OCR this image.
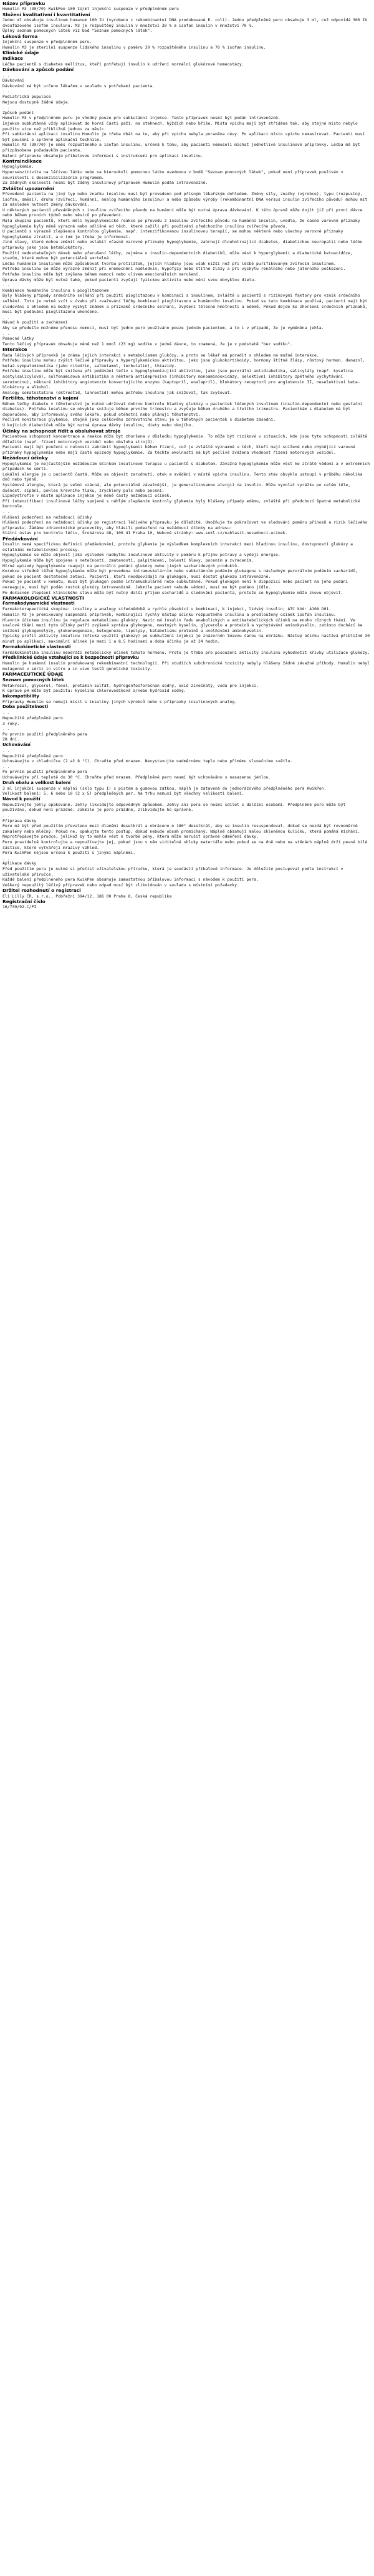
Název přípravku
Humulin M3 (30/70) KwikPen 100 IU/ml injekční suspenze v předplněném peru
Složení kvalitativní i kvantitativní
Jeden ml obsahuje insulinum humanum 100 IU (vyrobeno z rekombinantní DNA produkované E. coli). Jedno předplněné pero obsahuje 3 ml, což odpovídá 300 IU dvoufázového isofan insulinu. M3 je rozpuštěný insulin v množství 30 % a isofan insulin v množství 70 %.
Úplný seznam pomocných látek viz bod "Seznam pomocných látek".
Léková forma
Injekční suspenze v předplněném peru.
Humulin M3 je sterilní suspenze lidského insulinu v poměru 30 % rozpuštěného insulinu a 70 % isofan insulinu.
Klinické údaje
Indikace
Léčba pacientů s diabetes mellitus, kteří potřebují insulin k udržení normální glukózové homeostázy.
Dávkování a způsob podání
. .
Dávkování
Dávkování má být určeno lékařem v souladu s potřebami pacienta.
. .
Pediatrická populace
Nejsou dostupné žádné údaje.
. .
Způsob podání
Humulin M3 v předplněném peru je vhodný pouze pro subkutánní injekce. Tento přípravek nesmí být podán intravenózně.
Injekce subkutánně vždy aplikovat do horní části paží, na stehnech, hýždích nebo břiše. Místa vpichu mají být střídána tak, aby stejné místo nebylo použito více než přibližně jednou za měsíc.
Při subkutánní aplikaci insulinu Humulin je třeba dbát na to, aby při vpichu nebyla poraněna cévy. Po aplikaci místo vpichu nemasírovat. Pacienti musí být poučeni o správné aplikační technice.
Humulin M3 (30/70) je směs rozpuštěného a isofan insulinu, určená k tomu, aby pacienti nemuseli míchat jednotlivé insulinové přípravky. Léčba má být přizpůsobena požadavkům pacienta.
Balení přípravku obsahuje příbalovou informaci s instrukcemi pro aplikaci insulinu.
Kontraindikace
Hypoglykemie.
Hypersenzitivita na léčivou látku nebo na kteroukoli pomocnou látku uvedenou v bodě "Seznam pomocných látek", pokud není přípravek používán v souvislosti s desenzibilizačním programem.
Za žádných okolností nesmí být žádný insulinový přípravek Humulin podán intravenózně.
Zvláštní upozornění
Převedení pacienta na jiný typ nebo značku insulinu musí být provedeno pod přísným lékařským dohledem. Změny síly, značky (výrobce), typu (rozpustný, isofan, směsi), druhu (zvířecí, humánní, analog humánního insulinu) a nebo způsobu výroby (rekombinantní DNA versus insulin zvířecího původu) mohou mít za následek nutnost změny dávkování.
U některých pacientů převáděných z insulinu zvířecího původu na humánní může být nutná úprava dávkování. K této úpravě může dojít již při první dávce nebo během prvních týdnů nebo měsíců po převedení.
Malá skupina pacientů, kteří měli hypoglykemické reakce po převodu z insulinu zvířecího původu na humánní insulin, uvedla, že časné varovné příznaky hypoglykemie byly méně výrazné nebo odlišné od těch, které zažili při používání předchozího insulinu zvířecího původu.
U pacientů s výrazně zlepšenou kontrolou glykemie, např. intenzifikovanou insulinovou terapií, se mohou některé nebo všechny varovné příznaky hypoglykemie ztratit, a o tom je třeba je informovat.
Jiné stavy, které mohou změnit nebo oslabit včasné varovné příznaky hypoglykemie, zahrnují dlouhotrvající diabetes, diabetickou neuropatii nebo léčbu přípravky jako jsou betablokátory.
Použití nedostatečných dávek nebo přerušení léčby, zejména u insulin-dependentních diabetiků, může vést k hyperglykemii a diabetické ketoacidóze, stavům, které mohou být potenciálně smrtelné.
Léčba humánním insulinem může způsobovat tvorbu protilátek, jejich hladiny jsou však nižší než při léčbě purifikovaným zvířecím insulinem.
Potřeba insulinu se může výrazně změnit při onemocnění nadledvin, hypofýzy nebo štítné žlázy a při výskytu renálního nebo jaterního poškození.
Potřeba insulinu může být zvýšena během nemoci nebo vlivem emocionálních narušení.
Úprava dávky může být nutná také, pokud pacienti zvyšují fyzickou aktivitu nebo mění svou obvyklou dietu.
. .
Kombinace humánního insulinu s pioglitazonem
Byly hlášeny případy srdečního selhání při použití pioglitazonu v kombinaci s insulinem, zvláště u pacientů s rizikovými faktory pro vznik srdečního selhání. Toto je nutné vzít v úvahu při zvažování léčby kombinací pioglitazonu a humánního insulinu. Pokud se tato kombinace používá, pacienti mají být sledováni s ohledem na možný výskyt známek a příznaků srdečního selhání, zvýšení tělesné hmotnosti a edémů. Pokud dojde ke zhoršení srdečních příznaků, musí být podávání pioglitazonu ukončeno.
. .
Návod k použití a zacházení
Aby se předešlo možnému přenosu nemocí, musí být jedno pero používáno pouze jedním pacientem, a to i v případě, že je vyměněna jehla.
. .
Pomocné látky
Tento léčivý přípravek obsahuje méně než 1 mmol (23 mg) sodíku v jedné dávce, to znamená, že je v podstatě "bez sodíku".
Interakce
Řada léčivých přípravků je známa jejich interakcí s metabolismem glukózy, a proto se lékař má poradit s ohledem na možné interakce.
Potřebu insulinu mohou zvýšit léčivé přípravky s hyperglykemickou aktivitou, jako jsou glukokortikoidy, hormony štítné žlázy, růstový hormon, danazol, beta2-sympatomimetika (jako ritodrin, salbutamol, terbutalin), thiazidy.
Potřeba insulinu může být snížena při podávání léčiv s hypoglykemizující aktivitou, jako jsou perorální antidiabetika, salicyláty (např. kyselina acetylsalicylová), sulfonamidová antibiotika a některá antidepresiva (inhibitory monoaminooxidázy, selektivní inhibitory zpětného vychytávání serotoninu), některé inhibitory angiotenzin konvertujícího enzymu (kaptopril, enalapril), blokátory receptorů pro angiotenzin II, neselektivní beta-blokátory a alkohol.
Analogy somatostatinu (oktreotid, lanreotid) mohou potřebu insulinu jak snižovat, tak zvyšovat.
Fertilita, těhotenství a kojení
Během léčby diabetu v těhotenství je nutné udržovat dobrou kontrolu hladiny glukózy u pacientek léčených insulinem (insulin-dependentní nebo gestační diabetes). Potřeba insulinu se obvykle snižuje během prvního trimestru a zvyšuje během druhého a třetího trimestru. Pacientkám s diabetem má být doporučeno, aby informovaly svého lékaře, pokud otěhotní nebo plánují těhotenství.
Pečlivá monitorace glykemie, stejně jako celkového zdravotního stavu je u těhotných pacientek s diabetem zásadní.
U kojících diabetiček může být nutná úprava dávky insulinu, diety nebo obojího.
Účinky na schopnost řídit a obsluhovat stroje
Pacientova schopnost koncentrace a reakce může být zhoršena v důsledku hypoglykemie. To může být rizikové v situacích, kde jsou tyto schopnosti zvláště důležité (např. řízení motorových vozidel nebo obsluha strojů).
Pacienti mají být poučeni o nutnosti zabránit hypoglykemii během řízení, což je zvláště významné u těch, kteří mají snížené nebo chybějící varovné příznaky hypoglykemie nebo mají časté epizody hypoglykemie. Za těchto okolností má být pečlivě zvážena vhodnost řízení motorových vozidel.
Nežádoucí účinky
Hypoglykemie je nejčastějším nežádoucím účinkem insulinové terapie u pacientů s diabetem. Závažná hypoglykemie může vést ke ztrátě vědomí a v extrémních případech ke smrti.
Lokální alergie je u pacientů častá. Může se objevit zarudnutí, otok a svědění v místě vpichu insulinu. Tento stav obvykle ustoupí v průběhu několika dnů nebo týdnů.
Systémová alergie, která je velmi vzácná, ale potenciálně závažnější, je generalizovanou alergií na insulin. Může vyvolat vyrážku po celém těle, dušnost, sípání, pokles krevního tlaku, zrychlený puls nebo pocení.
Lipodystrofie v místě aplikace injekce je méně častý nežádoucí účinek.
Při intenzifikaci insulinové léčby spojené s náhlým zlepšením kontroly glykemie byly hlášeny případy edému, zvláště při předchozí špatné metabolické kontrole.
. .
Hlášení podezření na nežádoucí účinky
Hlášení podezření na nežádoucí účinky po registraci léčivého přípravku je důležité. Umožňuje to pokračovat ve sledování poměru přínosů a rizik léčivého přípravku. Žádáme zdravotnické pracovníky, aby hlásili podezření na nežádoucí účinky na adresu:
Státní ústav pro kontrolu léčiv, Šrobárova 48, 100 41 Praha 10, Webové stránky: www.sukl.cz/nahlasit-nezadouci-ucinek.
Předávkování
Insulin nemá specifickou definici předávkování, protože glykemie je výsledkem komplexních interakcí mezi hladinou insulinu, dostupností glukózy a ostatními metabolickými procesy.
Hypoglykemie se může objevit jako výsledek nadbytku insulinové aktivity v poměru k příjmu potravy a výdeji energie.
Hypoglykemie může být spojena s netečností, zmateností, palpitacemi, bolestí hlavy, pocením a zvracením.
Mírné epizody hypoglykemie reagují na perorální podání glukózy nebo jiných sacharidových produktů.
Korekce středně těžké hypoglykemie může být provedena intramuskulárním nebo subkutánním podáním glukagonu s následným perorálním podáním sacharidů, pokud se pacient dostatečně zotaví. Pacienti, kteří neodpovídají na glukagon, musí dostat glukózu intravenózně.
Pokud je pacient v komatu, musí být glukagon podán intramuskulárně nebo subkutánně. Pokud glukagon není k dispozici nebo pacient na jeho podání nereaguje, musí být podán roztok glukózy intravenózně. Jakmile pacient nabude vědomí, musí mu být podáno jídlo.
Po dočasném zlepšení klinického stavu může být nutný další příjem sacharidů a sledování pacienta, protože se hypoglykemie může znovu objevit.
FARMAKOLOGICKÉ VLASTNOSTI
Farmakodynamické vlastnosti
Farmakoterapeutická skupina: insuliny a analogy střednědobě a rychle působící v kombinaci, k injekci, lidský insulin; ATC kód: A10A D01.
Humulin M3 je premixovaný suspenzní přípravek, kombinující rychlý nástup účinku rozpustného insulinu a prodloužený účinek isofan insulinu.
Hlavním účinkem insulinu je regulace metabolismu glukózy. Navíc má insulin řadu anabolických a antikatabolických účinků na mnoho různých tkání. Ve svalové tkáni mezi tyto účinky patří zvýšená syntéza glykogenu, mastných kyselin, glycerolu a proteinů a vychytávání aminokyselin, zatímco dochází ke snížení glykogenolýzy, glukoneogeneze, ketogeneze, lipolýzy, katabolismu proteinů a uvolňování aminokyselin.
Typický profil aktivity insulinu (křivka využití glukózy) po subkutánní injekci je znázorněn tmavou čarou na obrázku. Nástup účinku nastává přibližně 30 minut po aplikaci, maximální účinek je mezi 1 a 8,5 hodinami a doba účinku je až 24 hodin.
Farmakokinetické vlastnosti
Farmakokinetika insulinu neodráží metabolický účinek tohoto hormonu. Proto je třeba pro posouzení aktivity insulinu vyhodnotit křivky utilizace glukózy.
Předklinické údaje vztahující se k bezpečnosti přípravku
Humulin je humánní insulin produkovaný rekombinantní technologií. Při studiích subchronické toxicity nebyly hlášeny žádné závažné příhody. Humulin nebyl mutagenní v sérii in vitro a in vivo testů genetické toxicity.
FARMACEUTICKÉ ÚDAJE
Seznam pomocných látek
Metakresol, glycerol, fenol, protamin-sulfát, hydrogenfosforečnan sodný, oxid zinečnatý, voda pro injekci.
K úpravě pH může být použita: kyselina chlorovodíková a/nebo hydroxid sodný.
Inkompatibility
Přípravky Humulin se nemají mísit s insuliny jiných výrobců nebo s přípravky insulinových analog.
Doba použitelnosti
. .
Nepoužité předplněné pero
3 roky.
. .
Po prvním použití předplněného pera
28 dní.
Uchovávání
. .
Nepoužité předplněné pero
Uchovávejte v chladničce (2 až 8 °C). Chraňte před mrazem. Nevystavujte nadměrnému teplu nebo přímému slunečnímu světlu.
. .
Po prvním použití předplněného pera
Uchovávejte při teplotě do 30 °C. Chraňte před mrazem. Předplněné pero nesmí být uchováváno s nasazenou jehlou.
Druh obalu a velikost balení
3 ml injekční suspenze v náplni (sklo typu I) s pístem a gumovou zátkou, náplň je zatavená do jednorázového předplněného pera KwikPen.
Velikost balení: 5, 6 nebo 10 (2 x 5) předplněných per. Na trhu nemusí být všechny velikosti balení.
Návod k použití
Nepoužívejte jehly opakovaně. Jehly likvidujte odpovědným způsobem. Jehly ani pera se nesmí sdílet s dalšími osobami. Předplněné pero může být používáno, dokud není prázdné. Jakmile je pero prázdné, zlikvidujte ho správně.
. .
Příprava dávky
Pero má být před použitím převaleno mezi dlaněmi desetkrát a obráceno o 180° desetkrát, aby se insulin resuspendoval, dokud se nezdá být rovnoměrně zakalený nebo mléčný. Pokud ne, opakujte tento postup, dokud nebude obsah promíchaný. Náplně obsahují malou skleněnou kuličku, která pomáhá míchání. Neprotřepávejte prudce, jelikož by to mohlo vést k tvorbě pěny, která může narušit správné odměření dávky.
Pero pravidelně kontrolujte a nepoužívejte jej, pokud jsou v něm viditelné shluky materiálu nebo pokud se na dně nebo na stěnách náplně drží pevné bílé částice, které vytvářejí mrazivý vzhled.
Pera KwikPen nejsou určena k použití s jinými náplněmi.
. .
Aplikace dávky
Před použitím pera je nutné si přečíst uživatelskou příručku, která je součástí příbalové informace. Je důležité postupovat podle instrukcí v uživatelské příručce.
Každé balení předplněného pera KwikPen obsahuje samostatnou příbalovou informaci s návodem k použití pera.
Veškerý nepoužitý léčivý přípravek nebo odpad musí být zlikvidován v souladu s místními požadavky.
Držitel rozhodnutí o registraci
Eli Lilly ČR, s.r.o., Pobřežní 394/12, 186 00 Praha 8, Česká republika
Registrační číslo
16/739/92-C/PI
